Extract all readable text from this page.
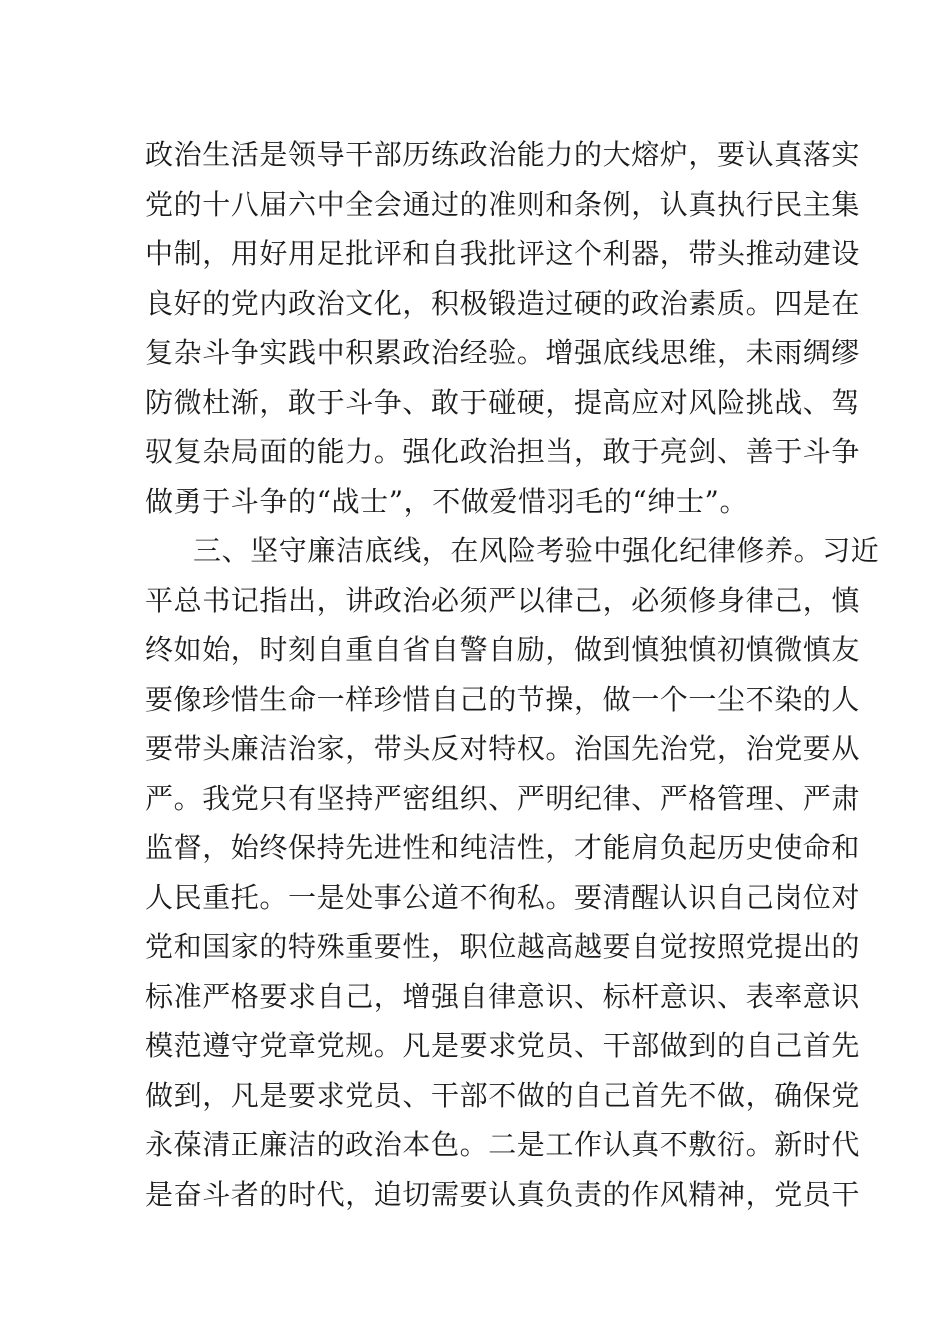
政治生活是领导干部历练政治能力的大熔炉，要认真落实
党的十八届六中全会通过的准则和条例，认真执行民主集
中制，用好用足批评和自我批评这个利器，带头推动建设
良好的党内政治文化，积极锻造过硬的政治素质。四是在
复杂斗争实践中积累政治经验。增强底线思维，未雨绸缪
防微杜渐，敢于斗争、敢于碰硬，提高应对风险挑战、驾
驭复杂局面的能力。强化政治担当，敢于亮剑、善于斗争
做勇于斗争的“战士”，不做爱惜羽毛的“绅士”。
三、坚守廉洁底线，在风险考验中强化纪律修养。习近
平总书记指出，讲政治必须严以律己，必须修身律己，慎
终如始，时刻自重自省自警自励，做到慎独慎初慎微慎友
要像珍惜生命一样珍惜自己的节操，做一个一尘不染的人
要带头廉洁治家，带头反对特权。治国先治党，治党要从
严。我党只有坚持严密组织、严明纪律、严格管理、严肃
监督，始终保持先进性和纯洁性，才能肩负起历史使命和
人民重托。一是处事公道不徇私。要清醒认识自己岗位对
党和国家的特殊重要性，职位越高越要自觉按照党提出的
标准严格要求自己，增强自律意识、标杆意识、表率意识
模范遵守党章党规。凡是要求党员、干部做到的自己首先
做到，凡是要求党员、干部不做的自己首先不做，确保党
永葆清正廉洁的政治本色。二是工作认真不敷衍。新时代
是奋斗者的时代，迫切需要认真负责的作风精神，党员干
